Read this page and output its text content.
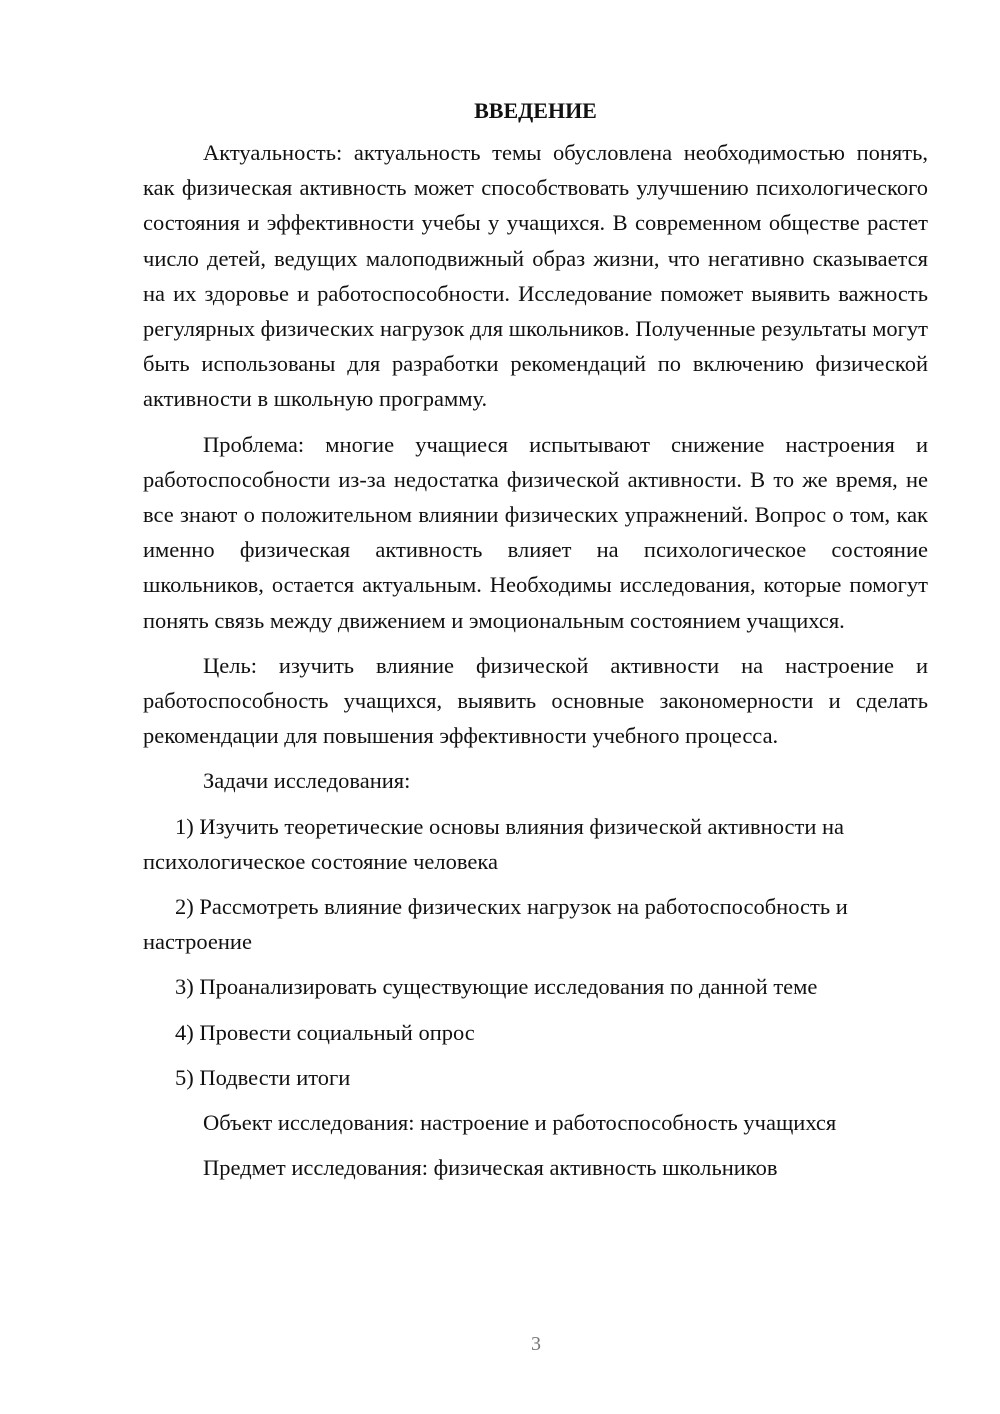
ВВЕДЕНИЕ

Актуальность: актуальность темы обусловлена необходимостью понять, как физическая активность может способствовать улучшению психологического состояния и эффективности учебы у учащихся. В современном обществе растет число детей, ведущих малоподвижный образ жизни, что негативно сказывается на их здоровье и работоспособности. Исследование поможет выявить важность регулярных физических нагрузок для школьников. Полученные результаты могут быть использованы для разработки рекомендаций по включению физической активности в школьную программу.

Проблема: многие учащиеся испытывают снижение настроения и работоспособности из-за недостатка физической активности. В то же время, не все знают о положительном влиянии физических упражнений. Вопрос о том, как именно физическая активность влияет на психологическое состояние школьников, остается актуальным. Необходимы исследования, которые помогут понять связь между движением и эмоциональным состоянием учащихся.

Цель: изучить влияние физической активности на настроение и работоспособность учащихся, выявить основные закономерности и сделать рекомендации для повышения эффективности учебного процесса.

Задачи исследования:

1) Изучить теоретические основы влияния физической активности на психологическое состояние человека

2) Рассмотреть влияние физических нагрузок на работоспособность и настроение

3) Проанализировать существующие исследования по данной теме

4) Провести социальный опрос

5) Подвести итоги

Объект исследования: настроение и работоспособность учащихся

Предмет исследования: физическая активность школьников

3
